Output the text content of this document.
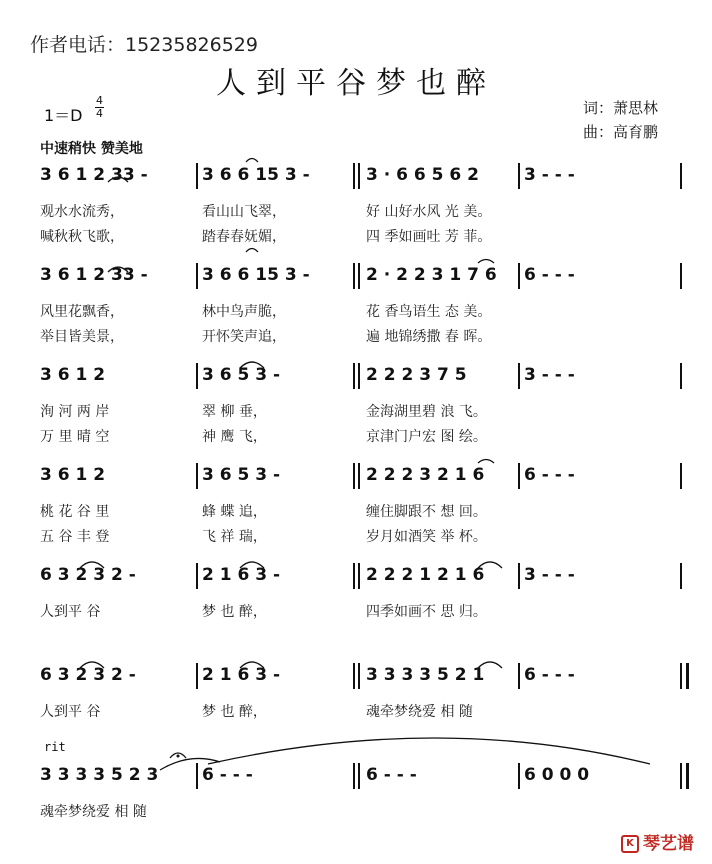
作者电话：15235826529
人到平谷梦也醉
1＝D
4
4	词：萧思林
曲：高育鹏
中速稍快 赞美地
rit
3 6 1 2 33 -	3 6 6 15 3 -	3 · 6 6 5 6 2	3 - - -
观水水流秀，	看山山飞翠，	好 山好水风 光 美。
喊秋秋飞歌，	踏春春妩媚，	四 季如画吐 芳 菲。
3 6 1 2 33 -	3 6 6 15 3 -	2 · 2 2 3 1 7 6 6 - - -
风里花飘香，	林中鸟声脆，	花 香鸟语生 态 美。
举目皆美景，	开怀笑声追，	遍 地锦绣撒 春 晖。
3 6 1 2	3 6 5 3 -	2 2 2 3 7 5	3 - - -
洵 河 两 岸	翠 柳 垂，	金海湖里碧 浪 飞。
万 里 晴 空	神 鹰 飞，	京津门户宏 图 绘。
3 6 1 2	3 6 5 3 -	2 2 2 3 2 1 6 6 - - -
桃 花 谷 里	蜂 蝶 追，	缠住脚跟不 想 回。
五 谷 丰 登	飞 祥 瑞，	岁月如酒笑 举 杯。
6 3 2 3 2 -	2 1 6 3 -	2 2 2 1 2 1 6 3 - - -
人到平 谷	梦 也 醉，	四季如画不 思 归。
6 3 2 3 2 -	2 1 6 3 -	3 3 3 3 5 2 1 6 - - -
人到平 谷	梦 也 醉，	魂牵梦绕爱 相 随
3 3 3 3 5 2 3	6 - - -	6 - - -	6 0 0 0
魂牵梦绕爱 相 随
K 琴艺谱
